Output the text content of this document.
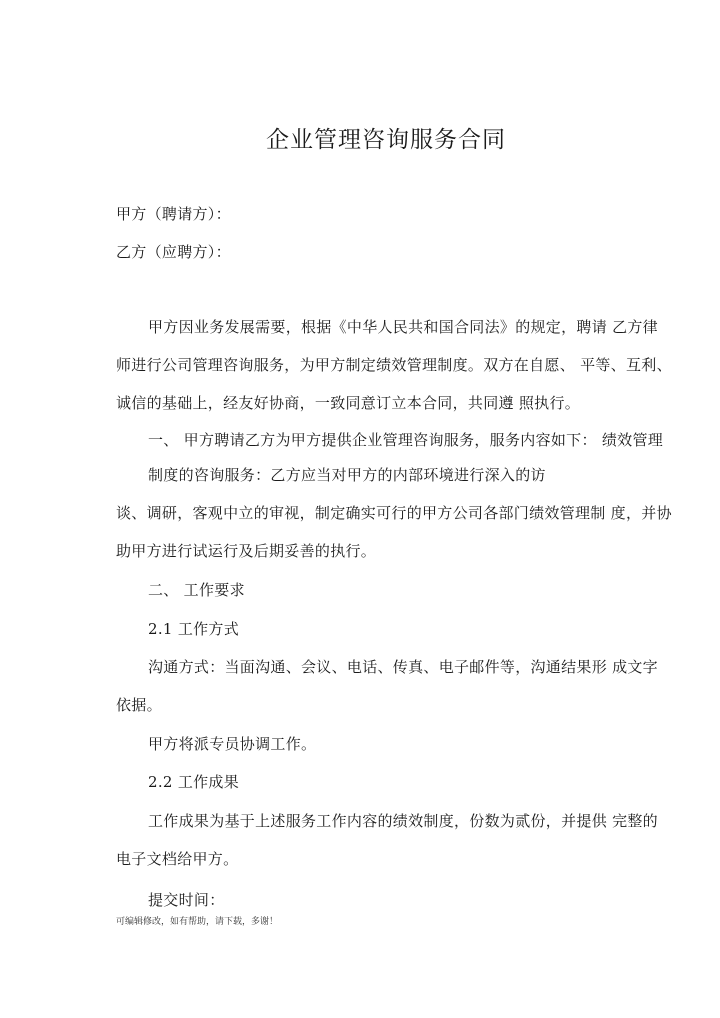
企业管理咨询服务合同
甲方（聘请方）：
乙方（应聘方）：
甲方因业务发展需要，根据《中华人民共和国合同法》的规定，聘请 乙方律
师进行公司管理咨询服务，为甲方制定绩效管理制度。双方在自愿、 平等、互利、
诚信的基础上，经友好协商，一致同意订立本合同，共同遵 照执行。
一、 甲方聘请乙方为甲方提供企业管理咨询服务，服务内容如下： 绩效管理
制度的咨询服务：乙方应当对甲方的内部环境进行深入的访
谈、调研，客观中立的审视，制定确实可行的甲方公司各部门绩效管理制 度，并协
助甲方进行试运行及后期妥善的执行。
二、 工作要求
2.1 工作方式
沟通方式：当面沟通、会议、电话、传真、电子邮件等，沟通结果形 成文字
依据。
甲方将派专员协调工作。
2.2 工作成果
工作成果为基于上述服务工作内容的绩效制度，份数为贰份，并提供 完整的
电子文档给甲方。
提交时间：
可编辑修改，如有帮助，请下载，多谢！
